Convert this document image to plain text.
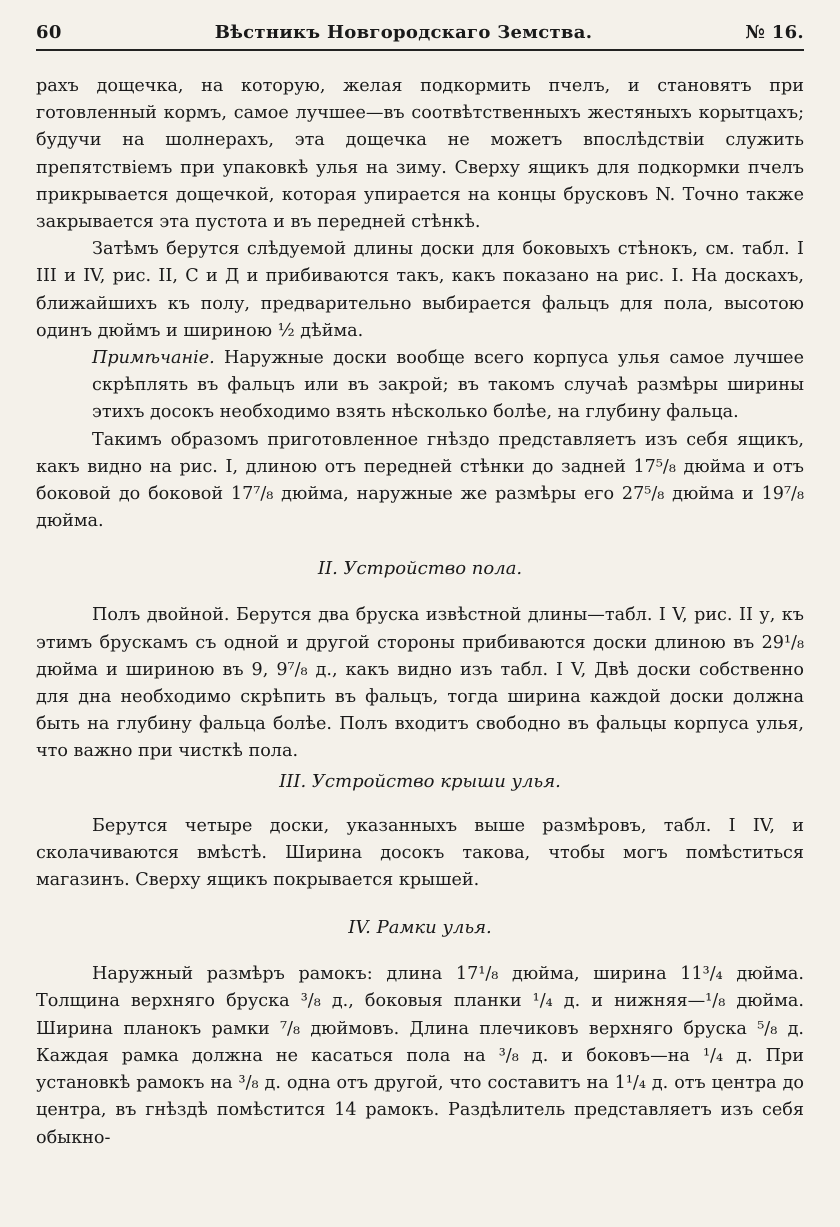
60	Вѣстникъ Новгородскаго Земства.	№ 16.

рахъ дощечка, на которую, желая подкормить пчелъ, и становятъ при готовленный кормъ, самое лучшее—въ соотвѣтственныхъ жестяныхъ корытцахъ; будучи на шолнерахъ, эта дощечка не можетъ впослѣдствіи служить препятствіемъ при упаковкѣ улья на зиму. Сверху ящикъ для подкормки пчелъ прикрывается дощечкой, которая упирается на концы брусковъ N. Точно также закрывается эта пустота и въ передней стѣнкѣ.

Затѣмъ берутся слѣдуемой длины доски для боковыхъ стѣнокъ, см. табл. I III и IV, рис. II, С и Д и прибиваются такъ, какъ показано на рис. I. На доскахъ, ближайшихъ къ полу, предварительно выбирается фальцъ для пола, высотою одинъ дюймъ и шириною ½ дѣйма.

Примѣчаніе. Наружные доски вообще всего корпуса улья самое лучшее скрѣплять въ фальцъ или въ закрой; въ такомъ случаѣ размѣры ширины этихъ досокъ необходимо взять нѣсколько болѣе, на глубину фальца.

Такимъ образомъ приготовленное гнѣздо представляетъ изъ себя ящикъ, какъ видно на рис. I, длиною отъ передней стѣнки до задней 17⁵/₈ дюйма и отъ боковой до боковой 17⁷/₈ дюйма, наружные же размѣры его 27⁵/₈ дюйма и 19⁷/₈ дюйма.

II. Устройство пола.

Полъ двойной. Берутся два бруска извѣстной длины—табл. I V, рис. II у, къ этимъ брускамъ съ одной и другой стороны прибиваются доски длиною въ 29¹/₈ дюйма и шириною въ 9, 9⁷/₈ д., какъ видно изъ табл. I V, Двѣ доски собственно для дна необходимо скрѣпить въ фальцъ, тогда ширина каждой доски должна быть на глубину фальца болѣе. Полъ входитъ свободно въ фальцы корпуса улья, что важно при чисткѣ пола.

III. Устройство крыши улья.

Берутся четыре доски, указанныхъ выше размѣровъ, табл. I IV, и сколачиваются вмѣстѣ. Ширина досокъ такова, чтобы могъ помѣститься магазинъ. Сверху ящикъ покрывается крышей.

IV. Рамки улья.

Наружный размѣръ рамокъ: длина 17¹/₈ дюйма, ширина 11³/₄ дюйма. Толщина верхняго бруска ³/₈ д., боковыя планки ¹/₄ д. и нижняя—¹/₈ дюйма. Ширина планокъ рамки ⁷/₈ дюймовъ. Длина плечиковъ верхняго бруска ⁵/₈ д. Каждая рамка должна не касаться пола на ³/₈ д. и боковъ—на ¹/₄ д. При установкѣ рамокъ на ³/₈ д. одна отъ другой, что составитъ на 1¹/₄ д. отъ центра до центра, въ гнѣздѣ помѣстится 14 рамокъ. Раздѣлитель представляетъ изъ себя обыкно-
